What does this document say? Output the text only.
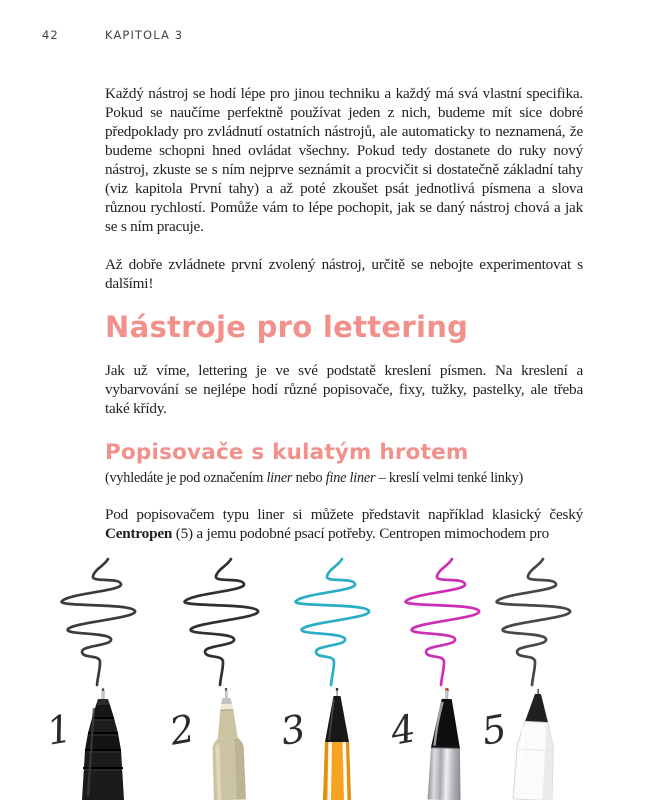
42	KAPITOLA 3

Každý nástroj se hodí lépe pro jinou techniku a každý má svá vlastní specifika. Pokud se naučíme perfektně používat jeden z nich, budeme mít sice dobré předpoklady pro zvládnutí ostatních nástrojů, ale automaticky to neznamená, že budeme schopni hned ovládat všechny. Pokud tedy dostanete do ruky nový nástroj, zkuste se s ním nejprve seznámit a procvičit si dostatečně základní tahy (viz kapitola První tahy) a až poté zkoušet psát jednotlivá písmena a slova různou rychlostí. Pomůže vám to lépe pochopit, jak se daný nástroj chová a jak se s ním pracuje.

Až dobře zvládnete první zvolený nástroj, určitě se nebojte experimentovat s dalšími!

Nástroje pro lettering

Jak už víme, lettering je ve své podstatě kreslení písmen. Na kreslení a vybarvování se nejlépe hodí různé popisovače, fixy, tužky, pastelky, ale třeba také křídy.

Popisovače s kulatým hrotem

(vyhledáte je pod označením liner nebo fine liner – kreslí velmi tenké linky)

Pod popisovačem typu liner si můžete představit například klasický český Centropen (5) a jemu podobné psací potřeby. Centropen mimochodem pro

1 2 3 4 5
